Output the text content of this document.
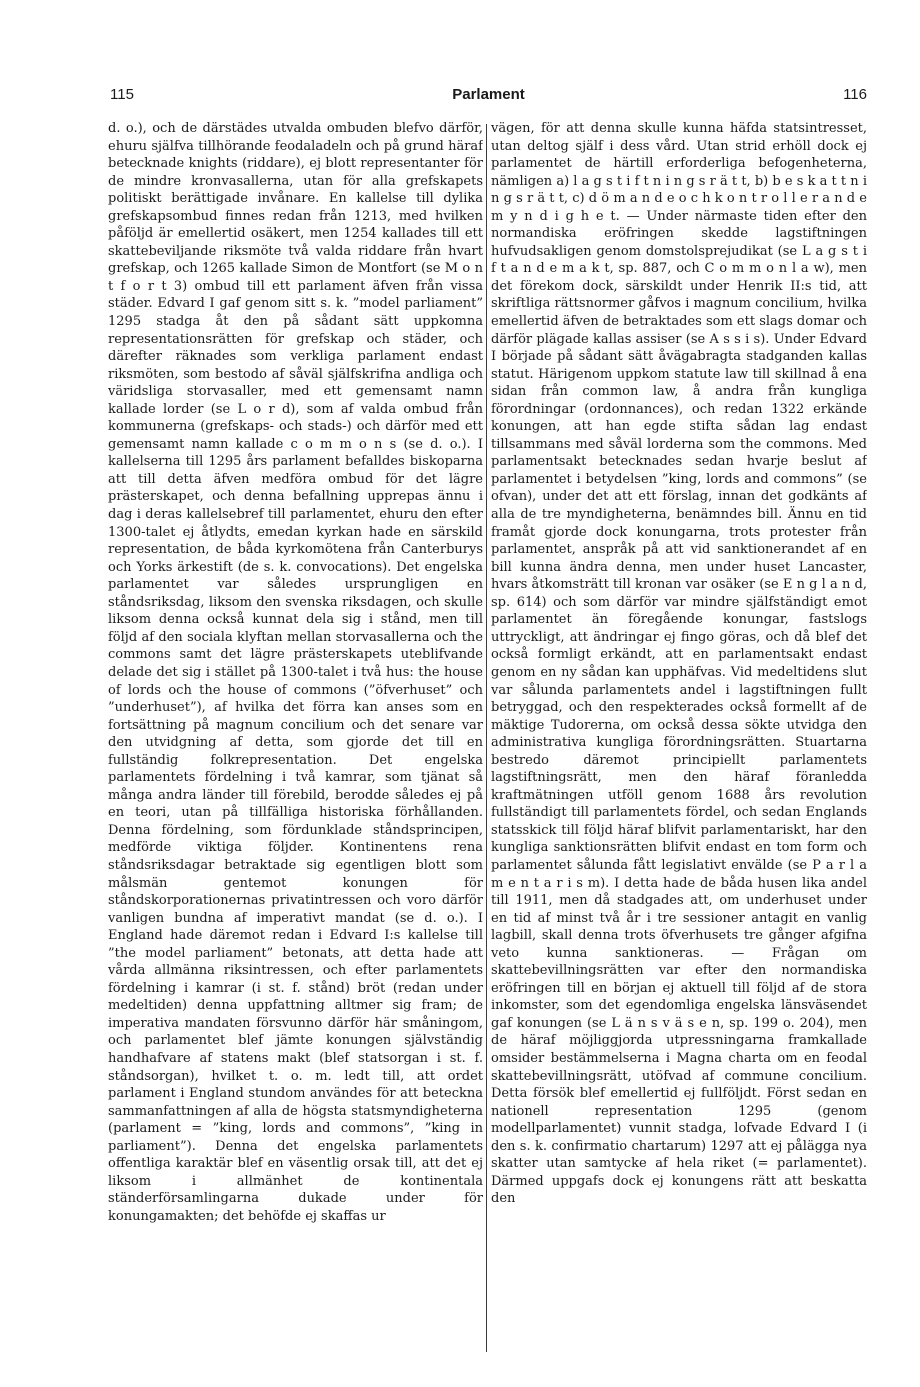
115	Parlament	116

d. o.), och de därstädes utvalda ombuden blefvo därför, ehuru själfva tillhörande feodaladeln och på grund häraf betecknade knights (riddare), ej blott representanter för de mindre kronvasallerna, utan för alla grefskapets politiskt berättigade invånare. En kallelse till dylika grefskapsombud finnes redan från 1213, med hvilken påföljd är emellertid osäkert, men 1254 kallades till ett skattebeviljande riksmöte två valda riddare från hvart grefskap, och 1265 kallade Simon de Montfort (se M o n t f o r t 3) ombud till ett parlament äfven från vissa städer. Edvard I gaf genom sitt s. k. ”model parliament” 1295 stadga åt den på sådant sätt uppkomna representationsrätten för grefskap och städer, och därefter räknades som verkliga parlament endast riksmöten, som bestodo af såväl själfskrifna andliga och väridsliga storvasaller, med ett gemensamt namn kallade lorder (se L o r d), som af valda ombud från kommunerna (grefskaps- och stads-) och därför med ett gemensamt namn kallade c o m m o n s (se d. o.). I kallelserna till 1295 års parlament befalldes biskoparna att till detta äfven medföra ombud för det lägre prästerskapet, och denna befallning upprepas ännu i dag i deras kallelsebref till parlamentet, ehuru den efter 1300-talet ej åtlydts, emedan kyrkan hade en särskild representation, de båda kyrkomötena från Canterburys och Yorks ärkestift (de s. k. convocations). Det engelska parlamentet var således ursprungligen en ståndsriksdag, liksom den svenska riksdagen, och skulle liksom denna också kunnat dela sig i stånd, men till följd af den sociala klyftan mellan storvasallerna och the commons samt det lägre prästerskapets uteblifvande delade det sig i stället på 1300-talet i två hus: the house of lords och the house of commons (”öfverhuset” och ”underhuset”), af hvilka det förra kan anses som en fortsättning på magnum concilium och det senare var den utvidgning af detta, som gjorde det till en fullständig folkrepresentation. Det engelska parlamentets fördelning i två kamrar, som tjänat så många andra länder till förebild, berodde således ej på en teori, utan på tillfälliga historiska förhållanden. Denna fördelning, som fördunklade ståndsprincipen, medförde viktiga följder. Kontinentens rena ståndsriksdagar betraktade sig egentligen blott som målsmän gentemot konungen för ståndskorporationernas privatintressen och voro därför vanligen bundna af imperativt mandat (se d. o.). I England hade däremot redan i Edvard I:s kallelse till ”the model parliament” betonats, att detta hade att vårda allmänna riksintressen, och efter parlamentets fördelning i kamrar (i st. f. stånd) bröt (redan under medeltiden) denna uppfattning alltmer sig fram; de imperativa mandaten försvunno därför här småningom, och parlamentet blef jämte konungen självständig handhafvare af statens makt (blef statsorgan i st. f. ståndsorgan), hvilket t. o. m. ledt till, att ordet parlament i England stundom användes för att beteckna sammanfattningen af alla de högsta statsmyndigheterna (parlament = ”king, lords and commons”, ”king in parliament”). Denna det engelska parlamentets offentliga karaktär blef en väsentlig orsak till, att det ej liksom i allmänhet de kontinentala ständerförsamlingarna dukade under för konungamakten; det behöfde ej skaffas ur

vägen, för att denna skulle kunna häfda statsintresset, utan deltog själf i dess vård. Utan strid erhöll dock ej parlamentet de härtill erforderliga befogenheterna, nämligen a) l a g s t i f t n i n g s r ä t t, b) b e s k a t t n i n g s r ä t t, c) d ö m a n d e o c h k o n t r o l l e r a n d e m y n d i g h e t. — Under närmaste tiden efter den normandiska eröfringen skedde lagstiftningen hufvudsakligen genom domstolsprejudikat (se L a g s t i f t a n d e m a k t, sp. 887, och C o m m o n l a w), men det förekom dock, särskildt under Henrik II:s tid, att skriftliga rättsnormer gåfvos i magnum concilium, hvilka emellertid äfven de betraktades som ett slags domar och därför plägade kallas assiser (se A s s i s). Under Edvard I började på sådant sätt åvägabragta stadganden kallas statut. Härigenom uppkom statute law till skillnad å ena sidan från common law, å andra från kungliga förordningar (ordonnances), och redan 1322 erkände konungen, att han egde stifta sådan lag endast tillsammans med såväl lorderna som the commons. Med parlamentsakt betecknades sedan hvarje beslut af parlamentet i betydelsen ”king, lords and commons” (se ofvan), under det att ett förslag, innan det godkänts af alla de tre myndigheterna, benämndes bill. Ännu en tid framåt gjorde dock konungarna, trots protester från parlamentet, anspråk på att vid sanktionerandet af en bill kunna ändra denna, men under huset Lancaster, hvars åtkomsträtt till kronan var osäker (se E n g l a n d, sp. 614) och som därför var mindre själfständigt emot parlamentet än föregående konungar, fastslogs uttryckligt, att ändringar ej fingo göras, och då blef det också formligt erkändt, att en parlamentsakt endast genom en ny sådan kan upphäfvas. Vid medeltidens slut var sålunda parlamentets andel i lagstiftningen fullt betryggad, och den respekterades också formellt af de mäktige Tudorerna, om också dessa sökte utvidga den administrativa kungliga förordningsrätten. Stuartarna bestredo däremot principiellt parlamentets lagstiftningsrätt, men den häraf föranledda kraftmätningen utföll genom 1688 års revolution fullständigt till parlamentets fördel, och sedan Englands statsskick till följd häraf blifvit parlamentariskt, har den kungliga sanktionsrätten blifvit endast en tom form och parlamentet sålunda fått legislativt envälde (se P a r l a m e n t a r i s m). I detta hade de båda husen lika andel till 1911, men då stadgades att, om underhuset under en tid af minst två år i tre sessioner antagit en vanlig lagbill, skall denna trots öfverhusets tre gånger afgifna veto kunna sanktioneras. — Frågan om skattebevillningsrätten var efter den normandiska eröfringen till en början ej aktuell till följd af de stora inkomster, som det egendomliga engelska länsväsendet gaf konungen (se L ä n s v ä s e n, sp. 199 o. 204), men de häraf möjliggjorda utpressningarna framkallade omsider bestämmelserna i Magna charta om en feodal skattebevillningsrätt, utöfvad af commune concilium. Detta försök blef emellertid ej fullföljdt. Först sedan en nationell representation 1295 (genom modellparlamentet) vunnit stadga, lofvade Edvard I (i den s. k. confirmatio chartarum) 1297 att ej pålägga nya skatter utan samtycke af hela riket (= parlamentet). Därmed uppgafs dock ej konungens rätt att beskatta den
